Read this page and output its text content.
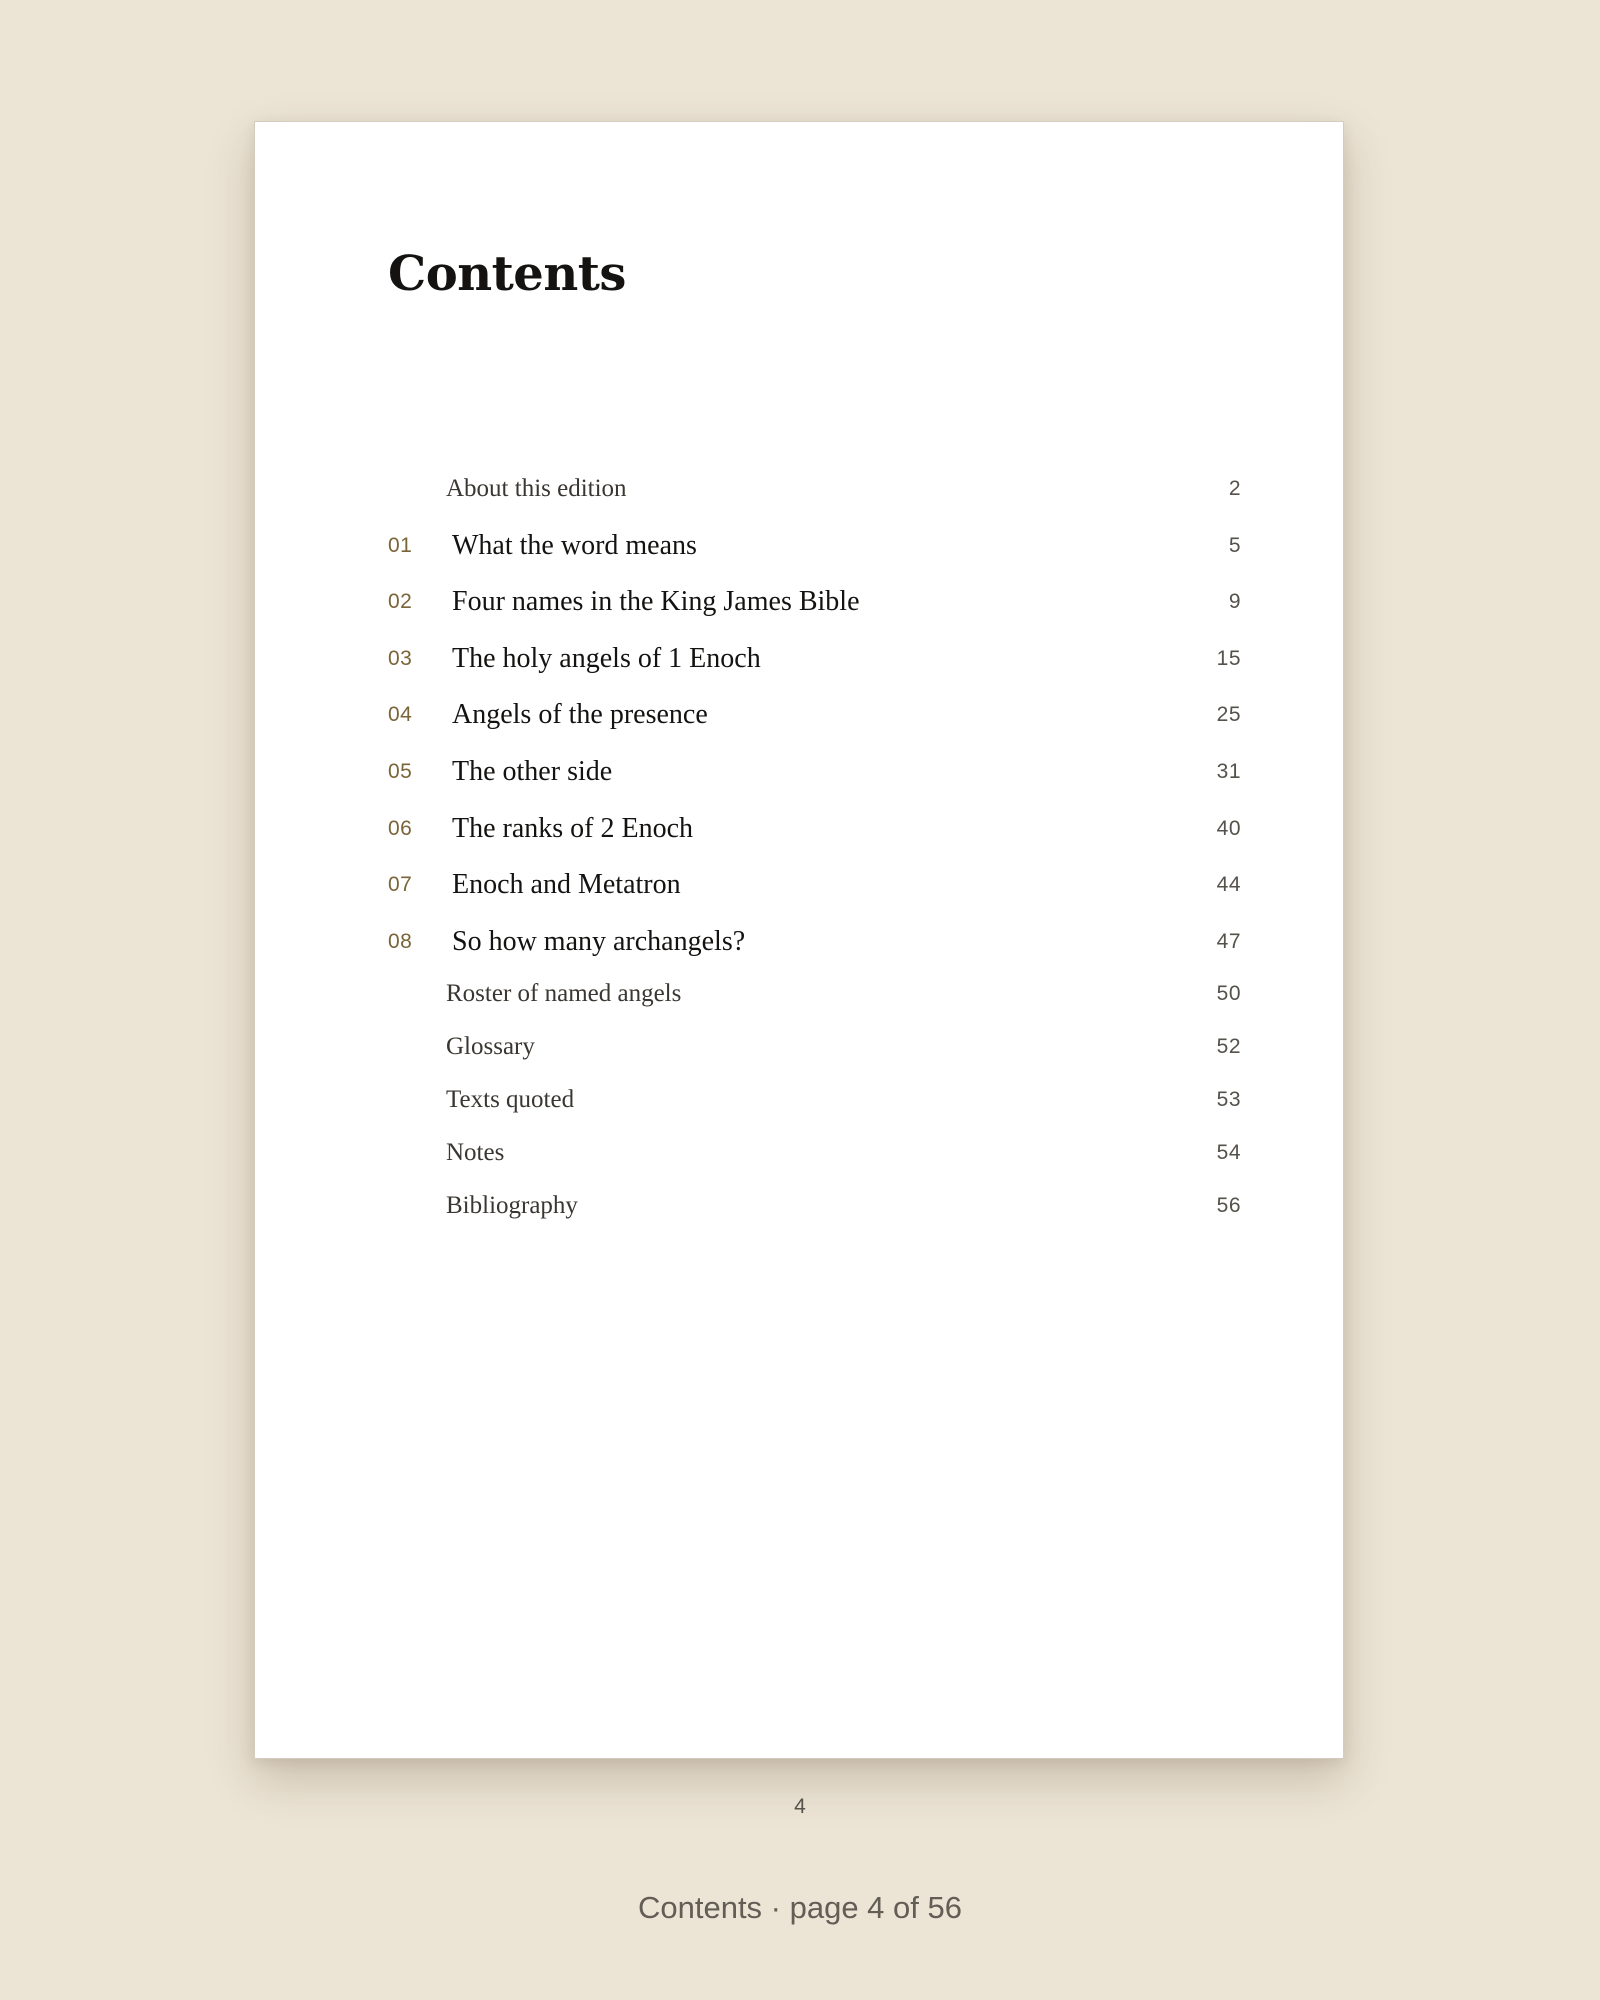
Contents
About this edition	2
01 What the word means	5
02 Four names in the King James Bible	9
03 The holy angels of 1 Enoch	15
04 Angels of the presence	25
05 The other side	31
06 The ranks of 2 Enoch	40
07 Enoch and Metatron	44
08 So how many archangels?	47
Roster of named angels	50
Glossary	52
Texts quoted	53
Notes	54
Bibliography	56
4
Contents · page 4 of 56
